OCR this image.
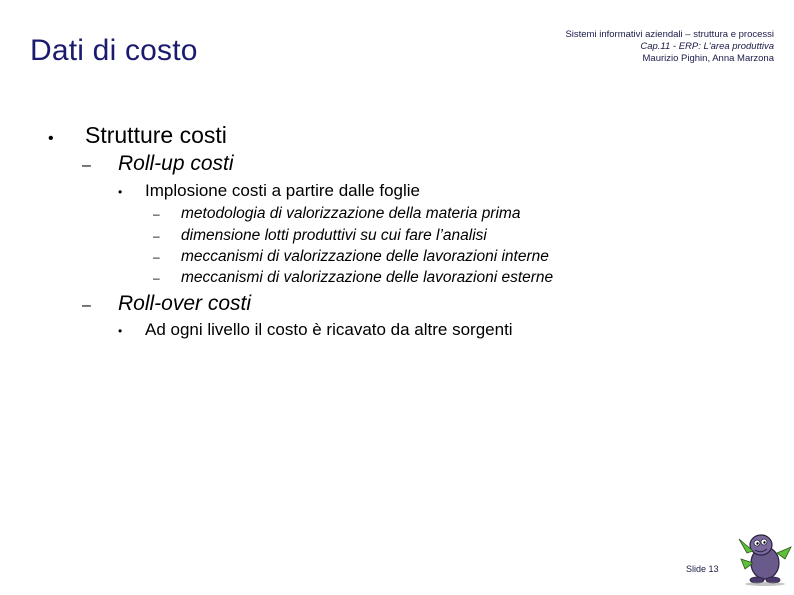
Dati di costo	Sistemi informativi aziendali – struttura e processi
Cap.11 - ERP: L'area produttiva
Maurizio Pighin, Anna Marzona
•	Strutture costi
–	Roll-up costi
•	Implosione costi a partire dalle foglie
–	metodologia di valorizzazione della materia prima
–	dimensione lotti produttivi su cui fare l’analisi
–	meccanismi di valorizzazione delle lavorazioni interne
–	meccanismi di valorizzazione delle lavorazioni esterne
–	Roll-over costi
•	Ad ogni livello il costo è ricavato da altre sorgenti
Slide 13
